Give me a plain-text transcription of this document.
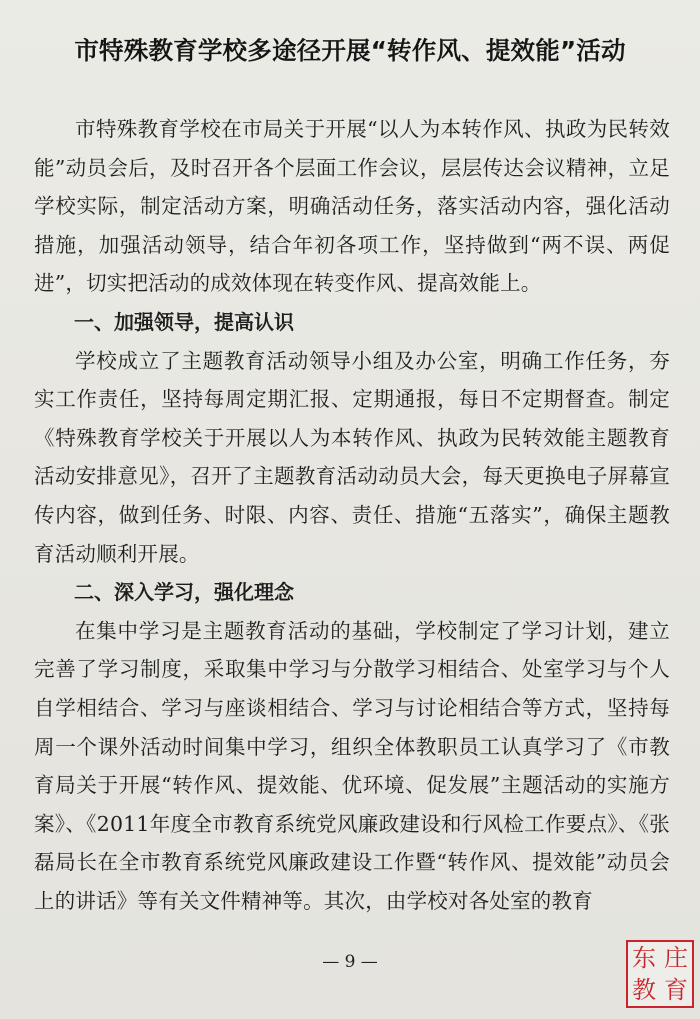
市特殊教育学校多途径开展“转作风、提效能”活动

市特殊教育学校在市局关于开展“以人为本转作风、执政为民转效能”动员会后，及时召开各个层面工作会议，层层传达会议精神，立足学校实际，制定活动方案，明确活动任务，落实活动内容，强化活动措施，加强活动领导，结合年初各项工作，坚持做到“两不误、两促进”，切实把活动的成效体现在转变作风、提高效能上。

一、加强领导，提高认识

学校成立了主题教育活动领导小组及办公室，明确工作任务，夯实工作责任，坚持每周定期汇报、定期通报，每日不定期督查。制定《特殊教育学校关于开展以人为本转作风、执政为民转效能主题教育活动安排意见》，召开了主题教育活动动员大会，每天更换电子屏幕宣传内容，做到任务、时限、内容、责任、措施“五落实”，确保主题教育活动顺利开展。

二、深入学习，强化理念

在集中学习是主题教育活动的基础，学校制定了学习计划，建立完善了学习制度，采取集中学习与分散学习相结合、处室学习与个人自学相结合、学习与座谈相结合、学习与讨论相结合等方式，坚持每周一个课外活动时间集中学习，组织全体教职员工认真学习了《市教育局关于开展“转作风、提效能、优环境、促发展”主题活动的实施方案》、《2011年度全市教育系统党风廉政建设和行风检工作要点》、《张磊局长在全市教育系统党风廉政建设工作暨“转作风、提效能”动员会上的讲话》等有关文件精神等。其次，由学校对各处室的教育

— 9 —	东 庄
教 育
